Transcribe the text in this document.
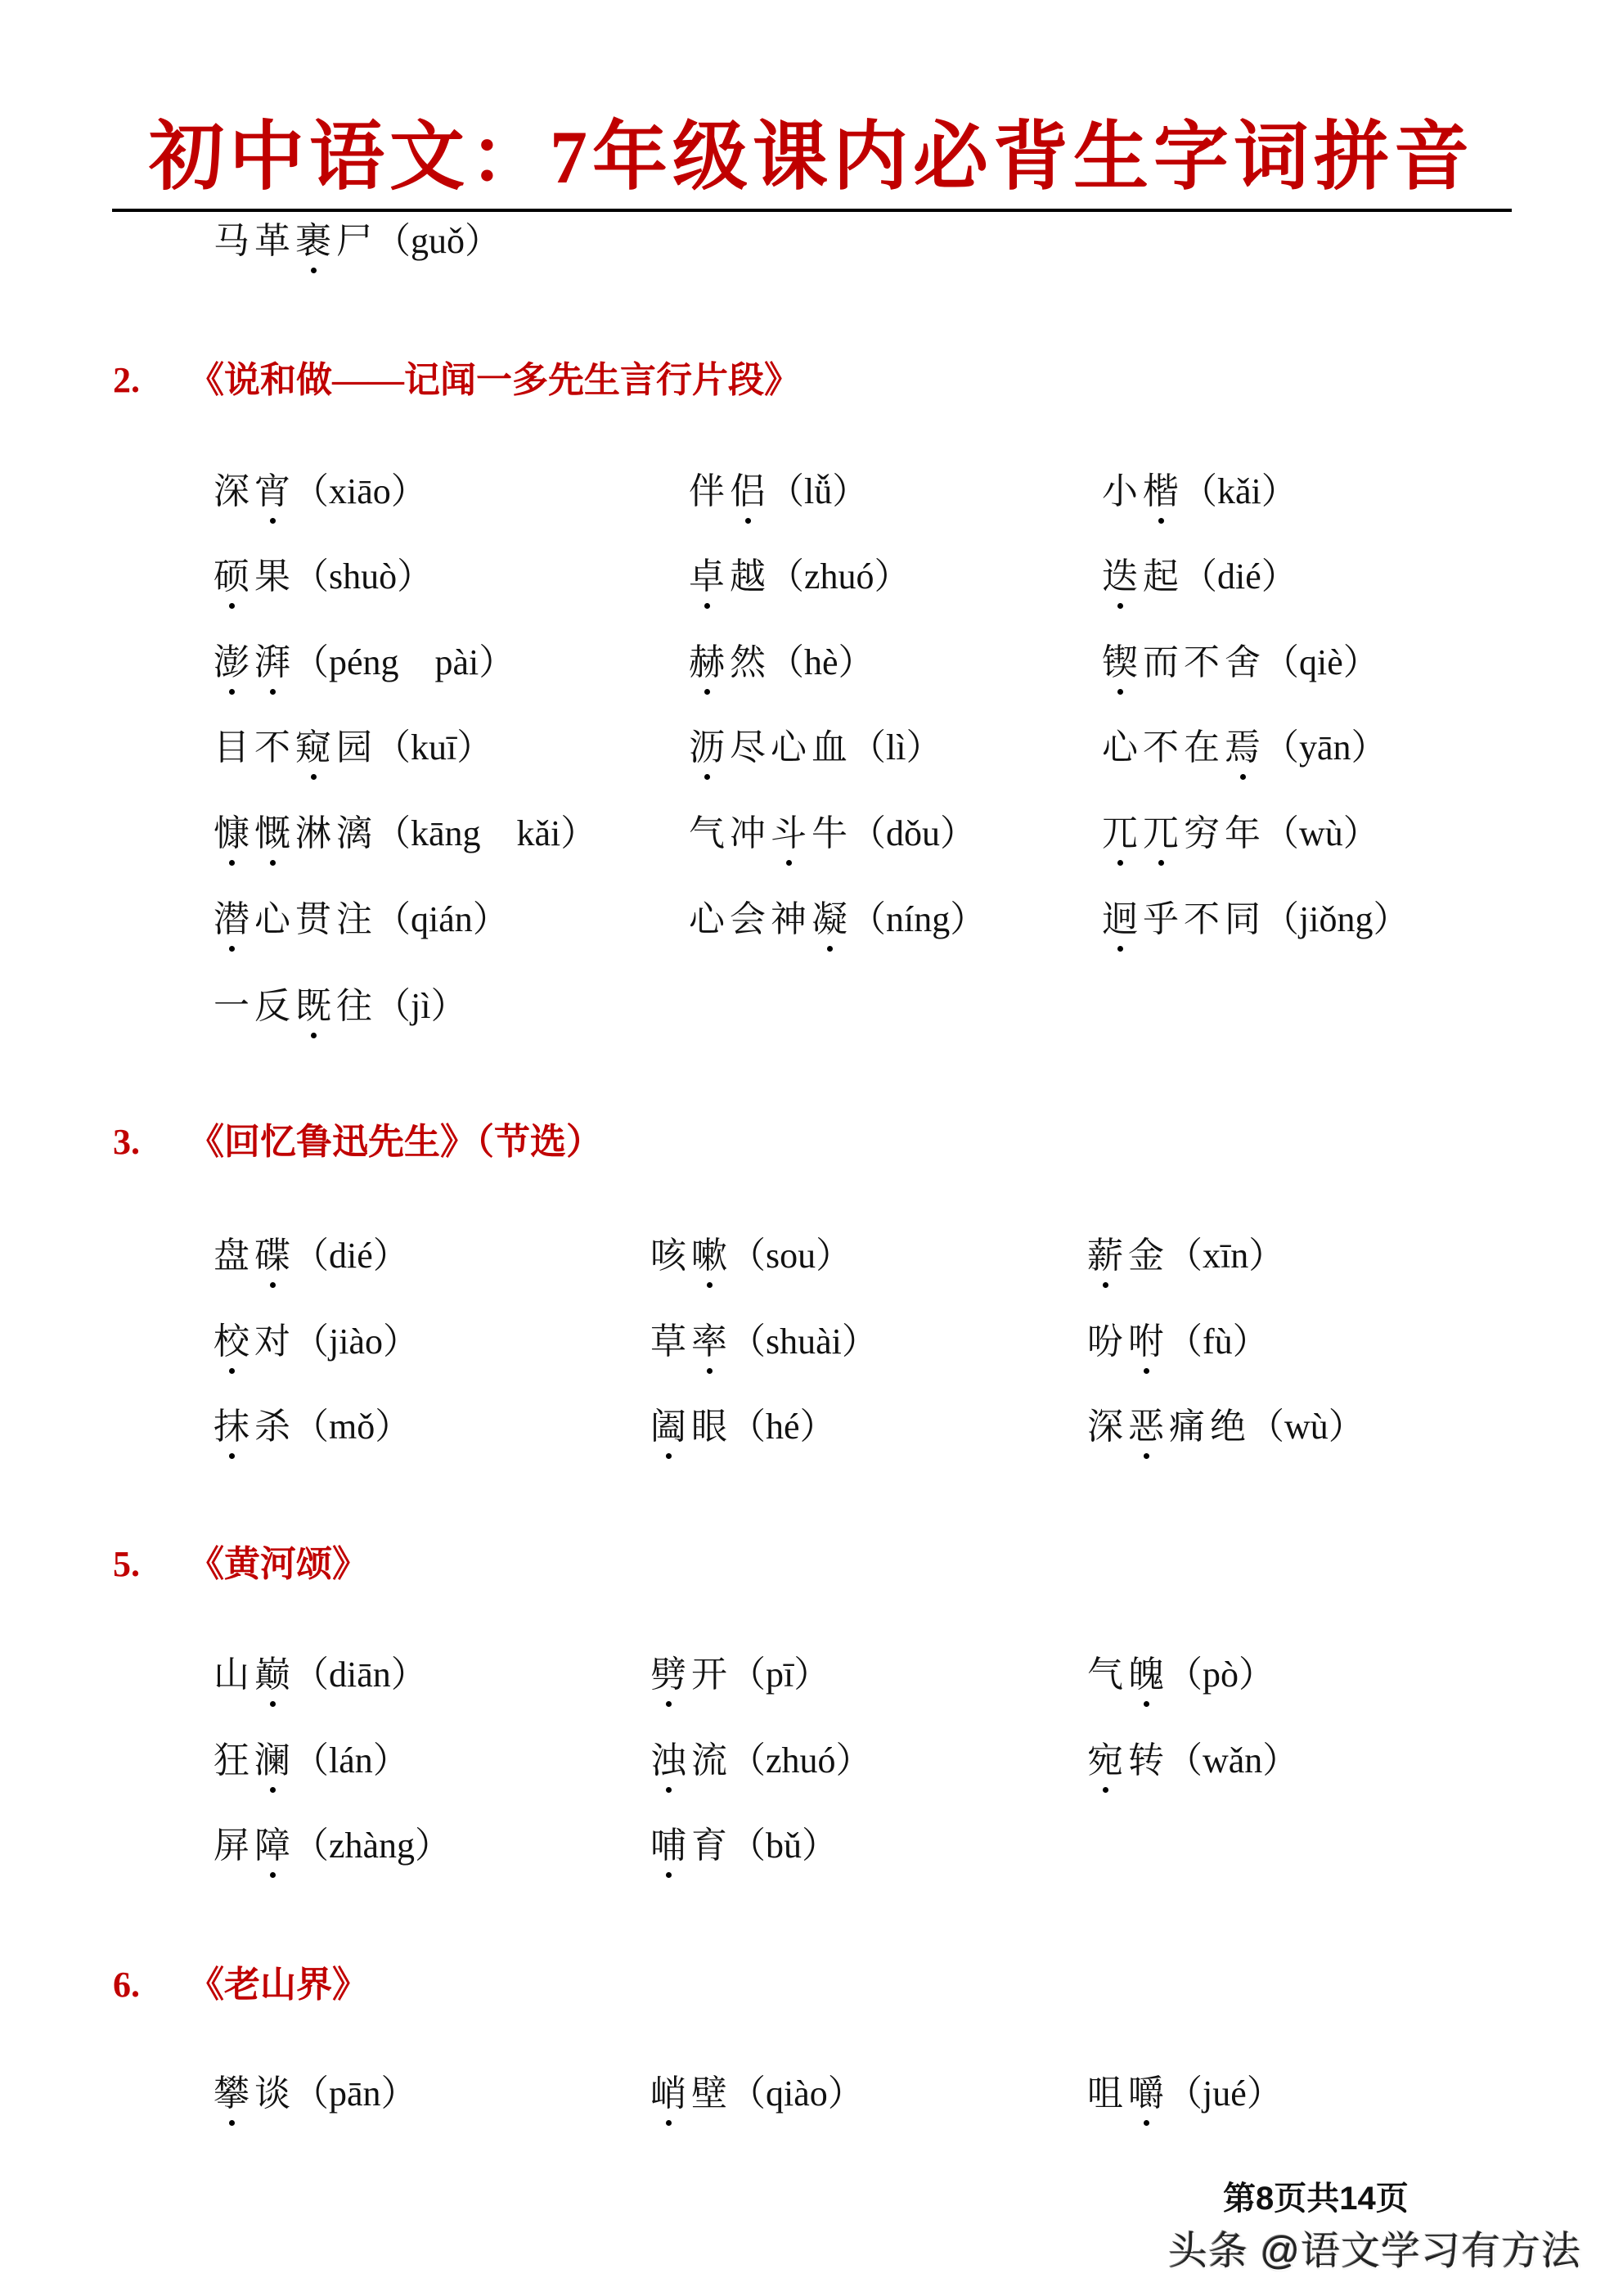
初中语文：7年级课内必背生字词拼音
马 革 裹 尸（guǒ）
2. 《说和做——记闻一多先生言行片段》
深 宵（xiāo）	伴 侣（lǚ）	小 楷（kǎi）
硕 果（shuò）	卓 越（zhuó）	迭 起（dié）
澎 湃（péng　pài）	赫 然（hè）	锲 而 不 舍（qiè）
目 不 窥 园（kuī）	沥 尽 心 血（lì）	心 不 在 焉（yān）
慷 慨 淋 漓（kāng　kǎi）	气 冲 斗 牛（dǒu）	兀 兀 穷 年（wù）
潜 心 贯 注（qián）	心 会 神 凝（níng）	迥 乎 不 同（jiǒng）
一 反 既 往（jì）
3. 《回忆鲁迅先生》（节选）
盘 碟（dié）	咳 嗽（sou）	薪 金（xīn）
校 对（jiào）	草 率（shuài）	吩 咐（fù）
抹 杀（mǒ）	阖 眼（hé）	深 恶 痛 绝（wù）
5. 《黄河颂》
山 巅（diān）	劈 开（pī）	气 魄（pò）
狂 澜（lán）	浊 流（zhuó）	宛 转（wǎn）
屏 障（zhàng）	哺 育（bǔ）
6. 《老山界》
攀 谈（pān）	峭 壁（qiào）	咀 嚼（jué）
第8页共14页
头条 @语文学习有方法
